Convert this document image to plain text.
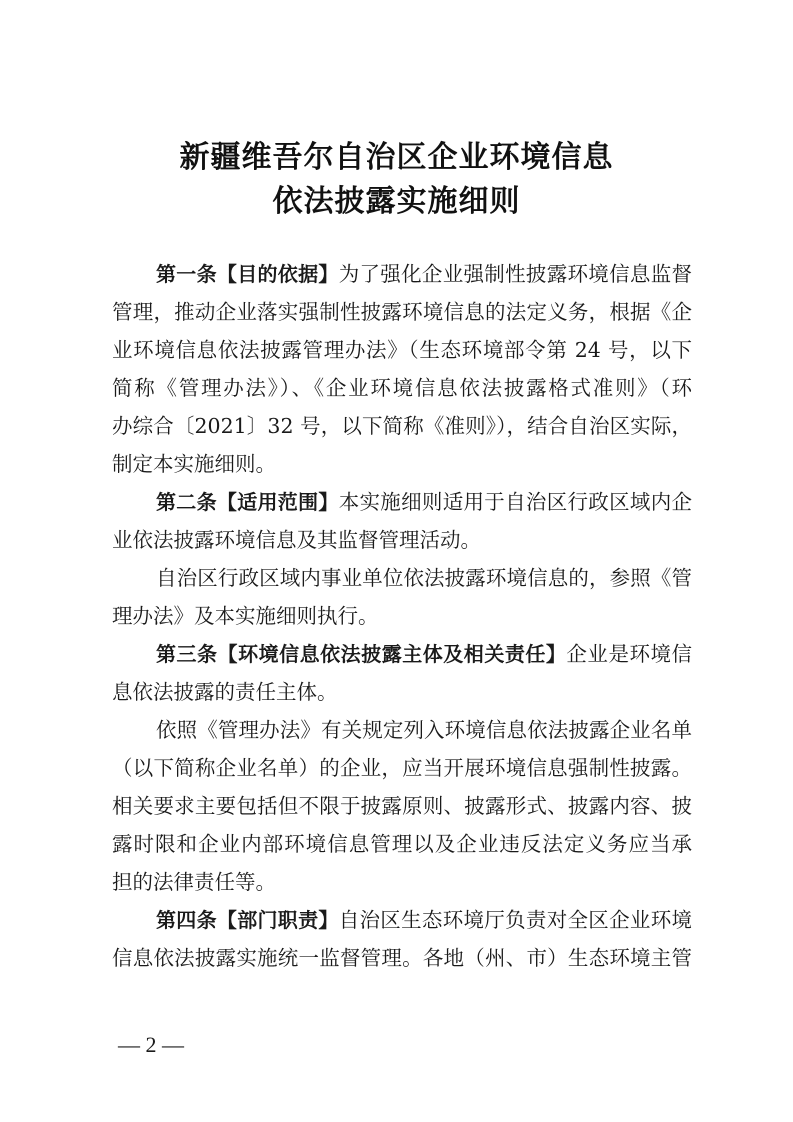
新疆维吾尔自治区企业环境信息
依法披露实施细则
第一条【目的依据】为了强化企业强制性披露环境信息监督
管理，推动企业落实强制性披露环境信息的法定义务，根据《企
业环境信息依法披露管理办法》（生态环境部令第 24 号，以下
简称《管理办法》）、《企业环境信息依法披露格式准则》（环
办综合〔2021〕32 号，以下简称《准则》），结合自治区实际，
制定本实施细则。
第二条【适用范围】本实施细则适用于自治区行政区域内企
业依法披露环境信息及其监督管理活动。
自治区行政区域内事业单位依法披露环境信息的，参照《管
理办法》及本实施细则执行。
第三条【环境信息依法披露主体及相关责任】企业是环境信
息依法披露的责任主体。
依照《管理办法》有关规定列入环境信息依法披露企业名单
（以下简称企业名单）的企业，应当开展环境信息强制性披露。
相关要求主要包括但不限于披露原则、披露形式、披露内容、披
露时限和企业内部环境信息管理以及企业违反法定义务应当承
担的法律责任等。
第四条【部门职责】自治区生态环境厅负责对全区企业环境
信息依法披露实施统一监督管理。各地（州、市）生态环境主管
— 2 —
